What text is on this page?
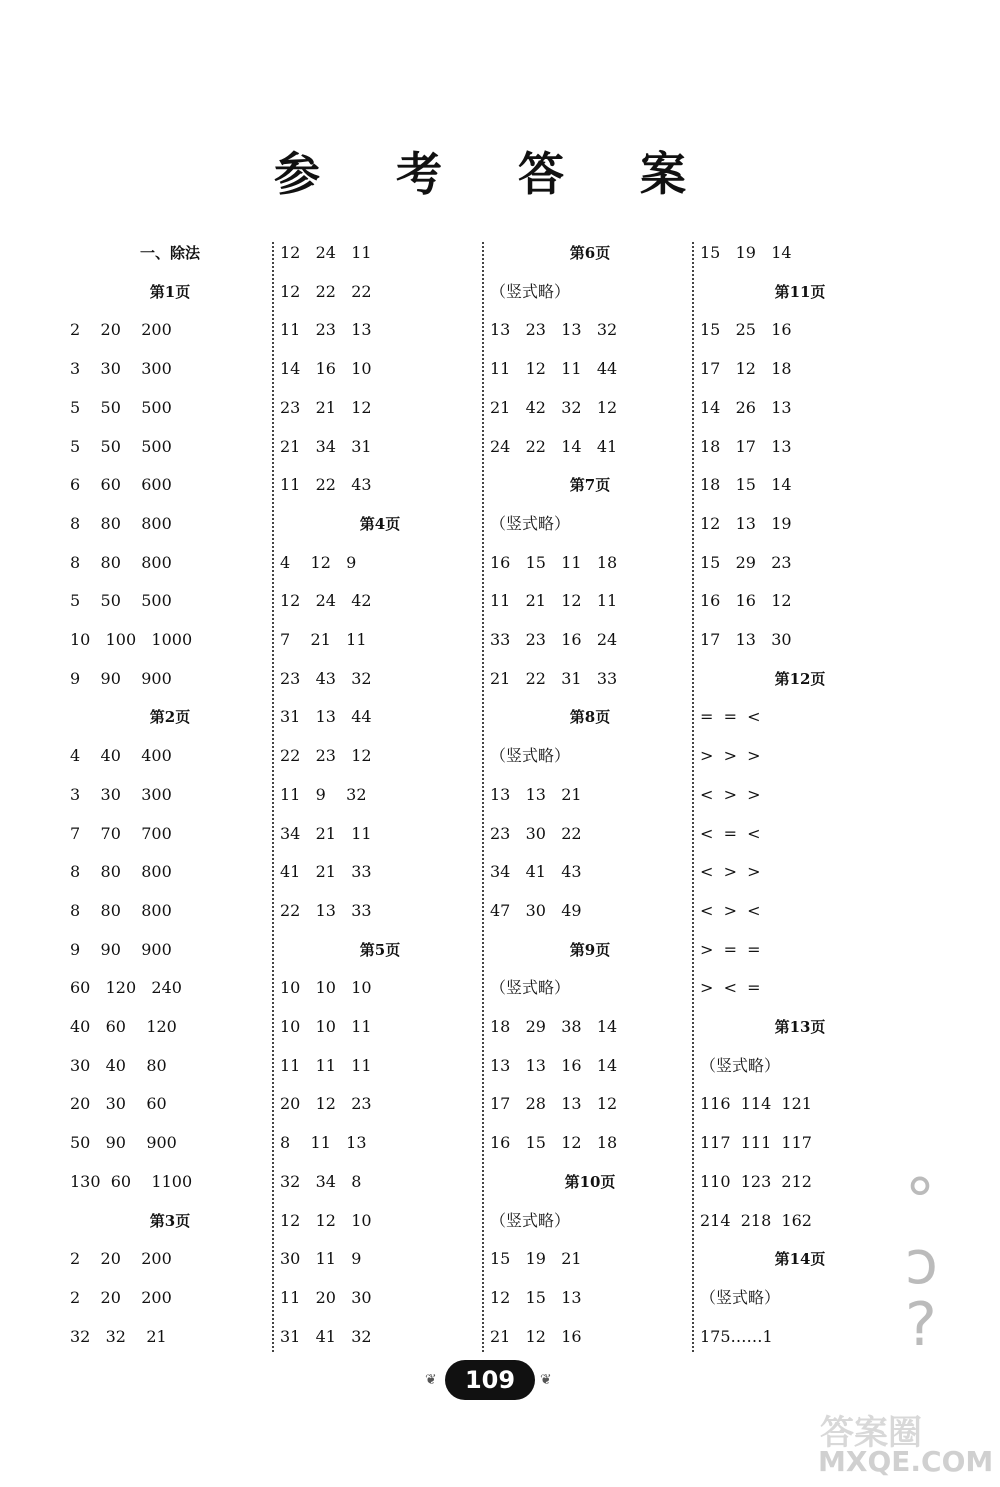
参 考 答 案
一、除法
第1页
2    20    200
3    30    300
5    50    500
5    50    500
6    60    600
8    80    800
8    80    800
5    50    500
10   100   1000
9    90    900
第2页
4    40    400
3    30    300
7    70    700
8    80    800
8    80    800
9    90    900
60   120   240
40   60    120
30   40    80
20   30    60
50   90    900
130  60    1100
第3页
2    20    200
2    20    200
32   32    21
12   24   11
12   22   22
11   23   13
14   16   10
23   21   12
21   34   31
11   22   43
第4页
4    12   9
12   24   42
7    21   11
23   43   32
31   13   44
22   23   12
11   9    32
34   21   11
41   21   33
22   13   33
第5页
10   10   10
10   10   11
11   11   11
20   12   23
8    11   13
32   34   8
12   12   10
30   11   9
11   20   30
31   41   32
第6页
（竖式略）
13   23   13   32
11   12   11   44
21   42   32   12
24   22   14   41
第7页
（竖式略）
16   15   11   18
11   21   12   11
33   23   16   24
21   22   31   33
第8页
（竖式略）
13   13   21
23   30   22
34   41   43
47   30   49
第9页
（竖式略）
18   29   38   14
13   13   16   14
17   28   13   12
16   15   12   18
第10页
（竖式略）
15   19   21
12   15   13
21   12   16
15   19   14
第11页
15   25   16
17   12   18
14   26   13
18   17   13
18   15   14
12   13   19
15   29   23
16   16   12
17   13   30
第12页
=  =  <
>  >  >
<  >  >
<  =  <
<  >  >
<  >  <
>  =  =
>  <  =
第13页
（竖式略）
116  114  121
117  111  117
110  123  212
214  218  162
第14页
（竖式略）
175……1
°
ɔ
?
❦	109	❦
答案圈
MXQE.COM
